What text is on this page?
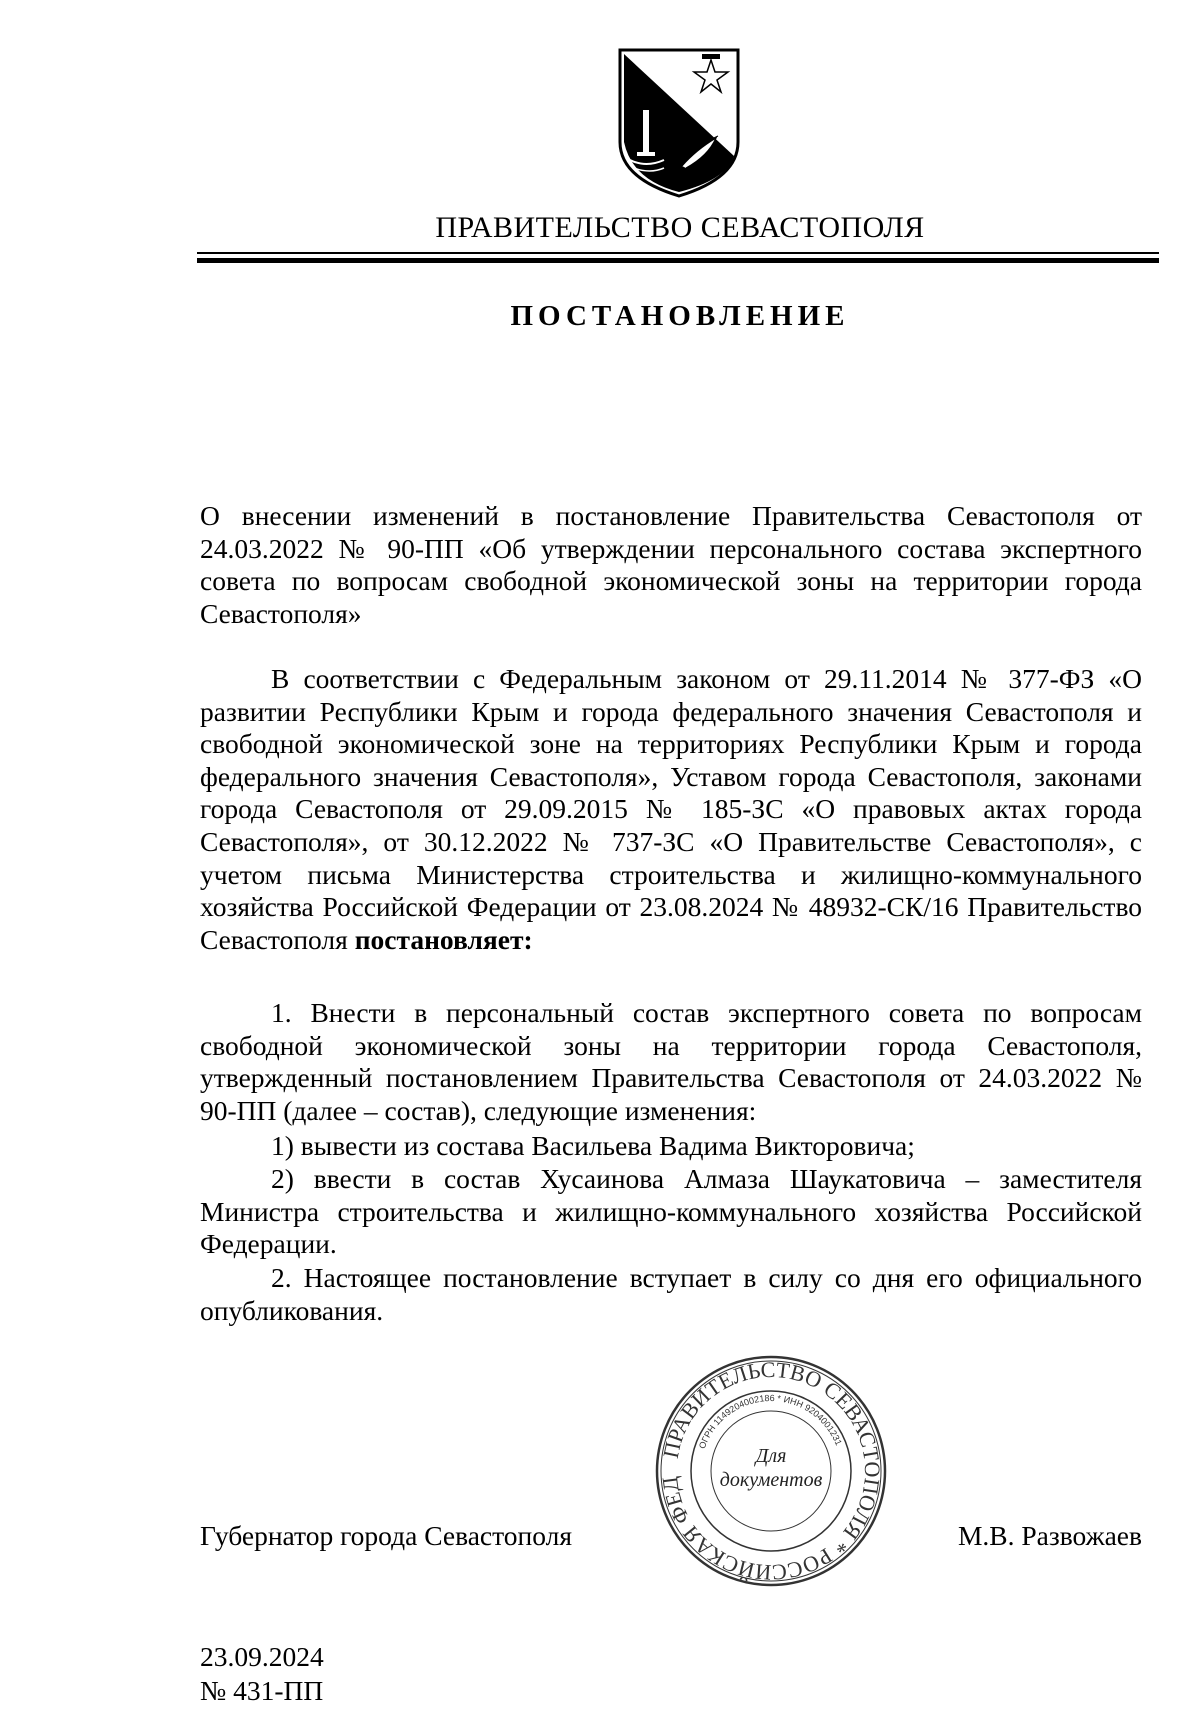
ПРАВИТЕЛЬСТВО СЕВАСТОПОЛЯ
ПОСТАНОВЛЕНИЕ
О внесении изменений в постановление Правительства Севастополя от 24.03.2022 № 90-ПП «Об утверждении персонального состава экспертного совета по вопросам свободной экономической зоны на территории города Севастополя»
В соответствии с Федеральным законом от 29.11.2014 № 377-ФЗ «О развитии Республики Крым и города федерального значения Севастополя и свободной экономической зоне на территориях Республики Крым и города федерального значения Севастополя», Уставом города Севастополя, законами города Севастополя от 29.09.2015 № 185-ЗС «О правовых актах города Севастополя», от 30.12.2022 № 737-ЗС «О Правительстве Севастополя», с учетом письма Министерства строительства и жилищно-коммунального хозяйства Российской Федерации от 23.08.2024 № 48932-СК/16 Правительство Севастополя постановляет:
1. Внести в персональный состав экспертного совета по вопросам свободной экономической зоны на территории города Севастополя, утвержденный постановлением Правительства Севастополя от 24.03.2022 № 90-ПП (далее – состав), следующие изменения:
1) вывести из состава Васильева Вадима Викторовича;
2) ввести в состав Хусаинова Алмаза Шаукатовича – заместителя Министра строительства и жилищно-коммунального хозяйства Российской Федерации.
2. Настоящее постановление вступает в силу со дня его официального опубликования.
Губернатор города Севастополя	М.В. Развожаев
ПРАВИТЕЛЬСТВО СЕВАСТОПОЛЯ * РОССИЙСКАЯ ФЕД
ОГРН 1149204002186 * ИНН 9204001231
Для
документов
23.09.2024
№ 431-ПП
